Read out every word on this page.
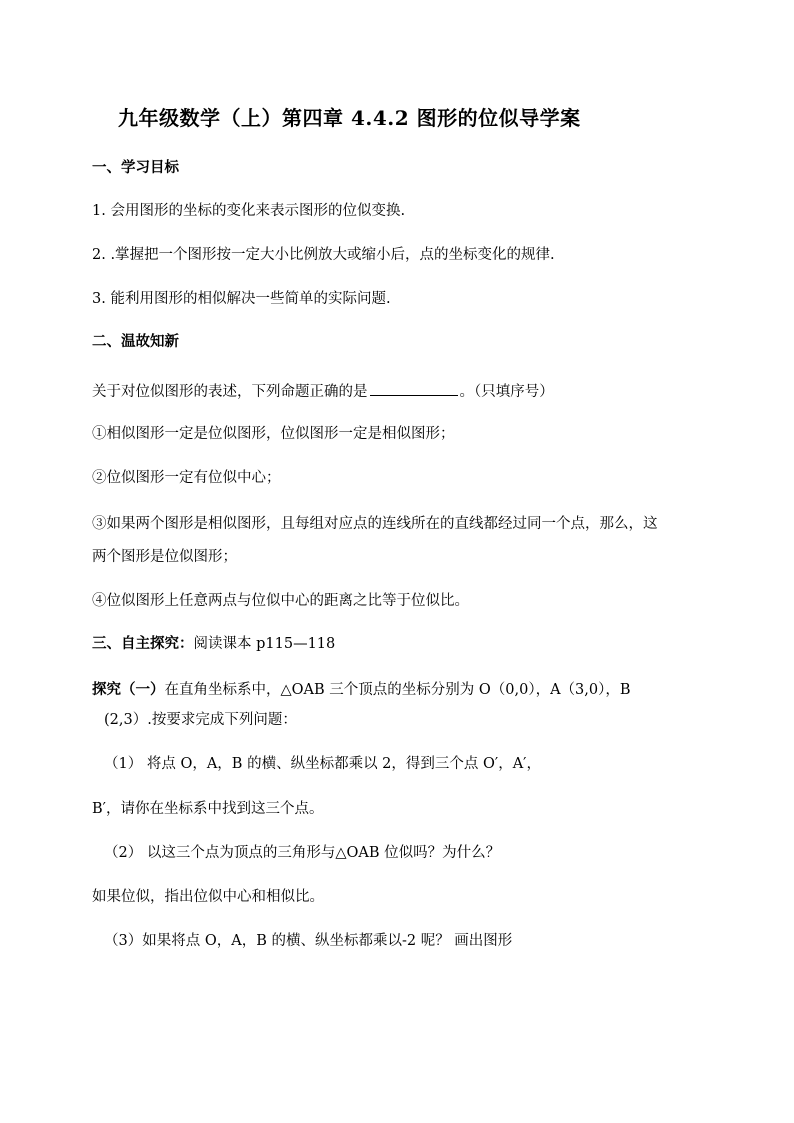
九年级数学（上）第四章 4.4.2 图形的位似导学案
一、学习目标
1. 会用图形的坐标的变化来表示图形的位似变换.
2. .掌握把一个图形按一定大小比例放大或缩小后，点的坐标变化的规律.
3. 能利用图形的相似解决一些简单的实际问题.
二、温故知新
关于对位似图形的表述，下列命题正确的是	。（只填序号）
①相似图形一定是位似图形，位似图形一定是相似图形；
②位似图形一定有位似中心；
③如果两个图形是相似图形，且每组对应点的连线所在的直线都经过同一个点，那么，这
两个图形是位似图形；
④位似图形上任意两点与位似中心的距离之比等于位似比。
三、自主探究：阅读课本 p115—118
探究（一）在直角坐标系中，△OAB 三个顶点的坐标分别为 O（0,0），A（3,0），B
(2,3）.按要求完成下列问题：
（1） 将点 O，A，B 的横、纵坐标都乘以 2，得到三个点 O′，A′，
B′，请你在坐标系中找到这三个点。
（2） 以这三个点为顶点的三角形与△OAB 位似吗？为什么？
如果位似，指出位似中心和相似比。
（3）如果将点 O，A，B 的横、纵坐标都乘以-2 呢？ 画出图形
